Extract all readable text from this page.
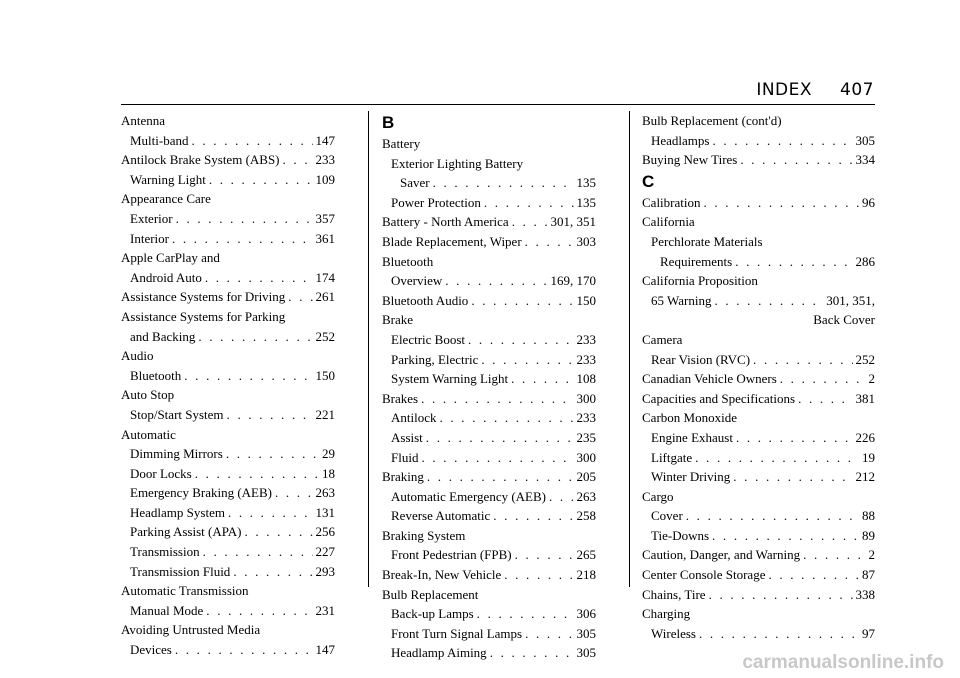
INDEX 407
Antenna
Multi-band . . .	147
Antilock Brake System (ABS) . . .	233
Warning Light . . .	109
Appearance Care
Exterior . . .	357
Interior . . .	361
Apple CarPlay and
Android Auto . . .	174
Assistance Systems for Driving . . . 261
Assistance Systems for Parking
and Backing . . .	252
Audio
Bluetooth . . .	150
Auto Stop
Stop/Start System . . .	221
Automatic
Dimming Mirrors . . .	29
Door Locks . . .	18
Emergency Braking (AEB) . . .	263
Headlamp System . . .	131
Parking Assist (APA) . . .	256
Transmission . . .	227
Transmission Fluid . . .	293
Automatic Transmission
Manual Mode . . .	231
Avoiding Untrusted Media
Devices . . .	147
B
Battery
Exterior Lighting Battery
Saver . . .	135
Power Protection . . .	135
Battery - North America . . .	301, 351
Blade Replacement, Wiper . . .	303
Bluetooth
Overview . . .	169, 170
Bluetooth Audio . . .	150
Brake
Electric Boost . . .	233
Parking, Electric . . .	233
System Warning Light . . .	108
Brakes . . .	300
Antilock . . .	233
Assist . . .	235
Fluid . . .	300
Braking . . .	205
Automatic Emergency (AEB) . . . 263
Reverse Automatic . . .	258
Braking System
Front Pedestrian (FPB) . . .	265
Break-In, New Vehicle . . .	218
Bulb Replacement
Back-up Lamps . . .	306
Front Turn Signal Lamps . . .	305
Headlamp Aiming . . .	305
Bulb Replacement (cont'd)
Headlamps . . .	305
Buying New Tires . . .	334
C
Calibration . . .	96
California
Perchlorate Materials
Requirements . . .	286
California Proposition
65 Warning . . .	301, 351,
Back Cover
Camera
Rear Vision (RVC) . . .	252
Canadian Vehicle Owners . . .	2
Capacities and Specifications . . .	381
Carbon Monoxide
Engine Exhaust . . .	226
Liftgate . . .	19
Winter Driving . . .	212
Cargo
Cover . . .	88
Tie-Downs . . .	89
Caution, Danger, and Warning . . .	2
Center Console Storage . . .	87
Chains, Tire . . .	338
Charging
Wireless . . .	97
carmanualsonline.info
